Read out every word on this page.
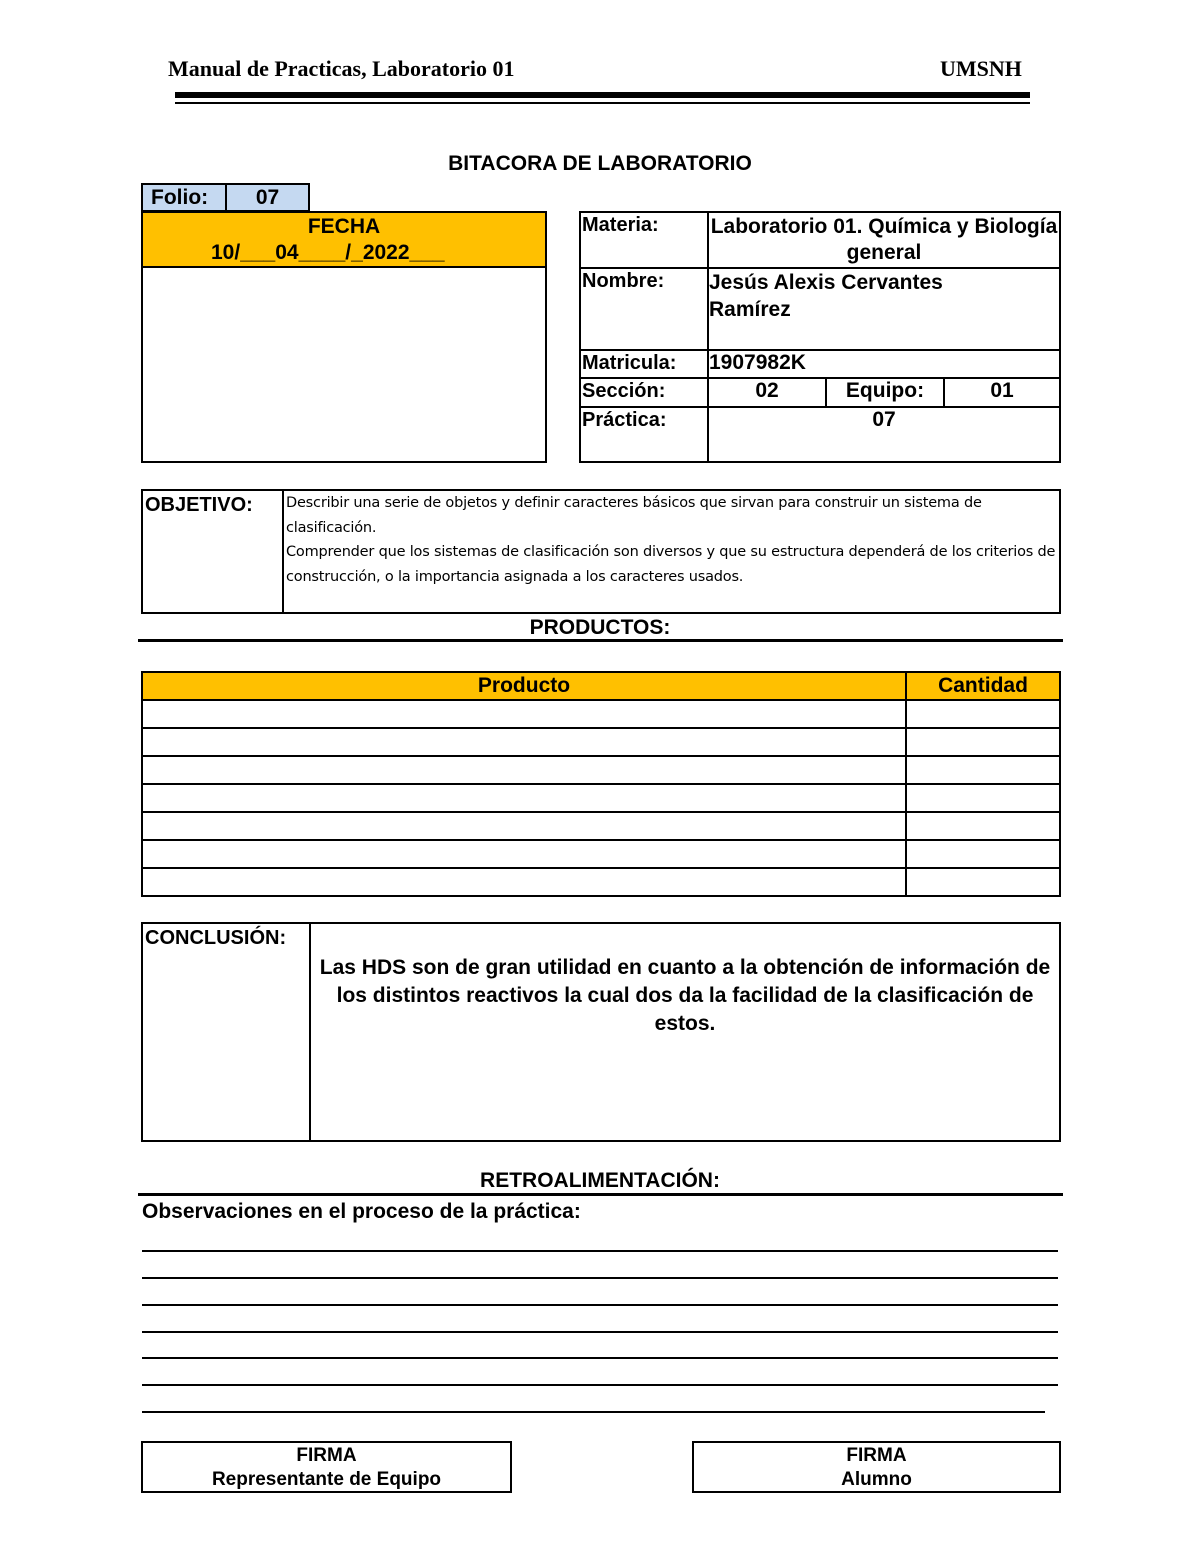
Manual de Practicas, Laboratorio 01	UMSNH
BITACORA DE LABORATORIO
Folio:	07
FECHA
10/___04____/_2022___
Materia:	Laboratorio 01. Química y Biología general
Nombre:	Jesús Alexis Cervantes Ramírez
Matricula:	1907982K
Sección:	02	Equipo:	01
Práctica:	07
OBJETIVO:	Describir una serie de objetos y definir caracteres básicos que sirvan para construir un sistema de clasificación.
Comprender que los sistemas de clasificación son diversos y que su estructura dependerá de los criterios de construcción, o la importancia asignada a los caracteres usados.
PRODUCTOS:
Producto	Cantidad

CONCLUSIÓN:
Las HDS son de gran utilidad en cuanto a la obtención de información de los distintos reactivos la cual dos da la facilidad de la clasificación de estos.
RETROALIMENTACIÓN:
Observaciones en el proceso de la práctica:
FIRMA
Representante de Equipo
FIRMA
Alumno
